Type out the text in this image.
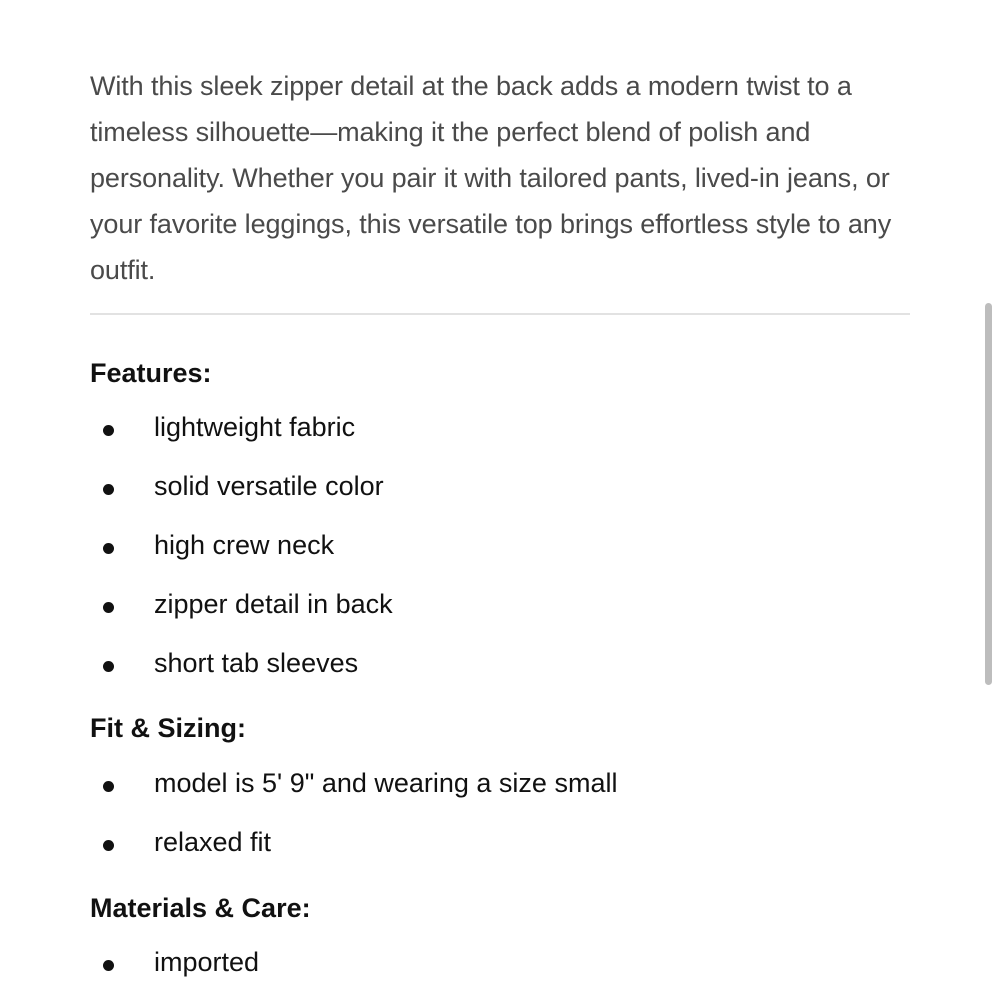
With this sleek zipper detail at the back adds a modern twist to a timeless silhouette—making it the perfect blend of polish and personality. Whether you pair it with tailored pants, lived-in jeans, or your favorite leggings, this versatile top brings effortless style to any outfit.

Features:
lightweight fabric
solid versatile color
high crew neck
zipper detail in back
short tab sleeves
Fit & Sizing:
model is 5' 9" and wearing a size small
relaxed fit
Materials & Care:
imported
